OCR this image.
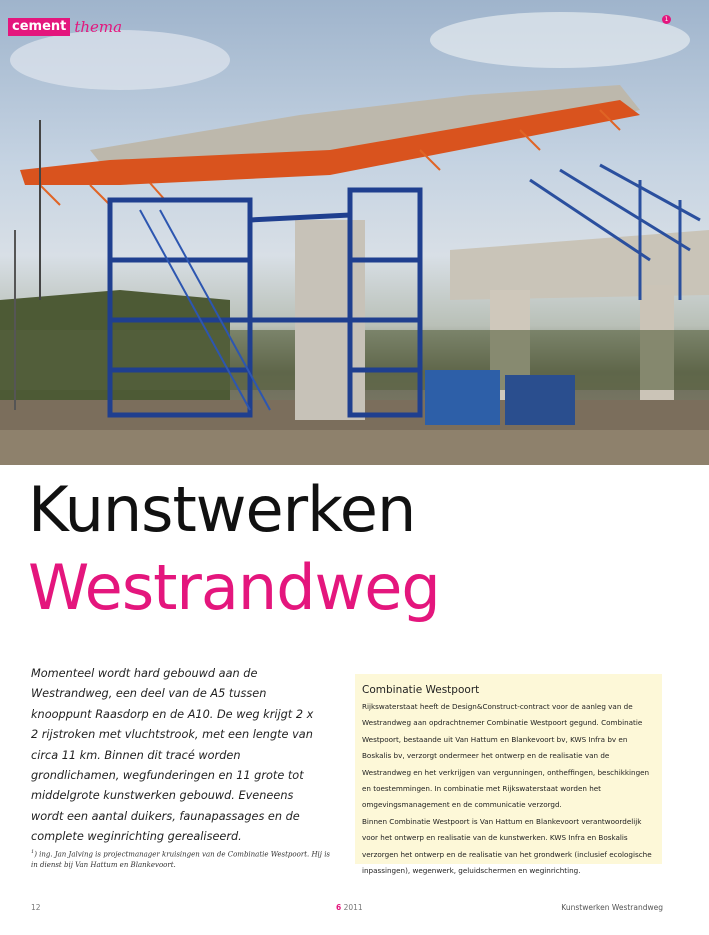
cement thema	1
Kunstwerken
Westrandweg

Momenteel wordt hard gebouwd aan de Westrandweg, een deel van de A5 tussen knooppunt Raasdorp en de A10. De weg krijgt 2 x 2 rijstroken met vluchtstrook, met een lengte van circa 11 km. Binnen dit tracé worden grondlichamen, wegfunderingen en 11 grote tot middelgrote kunstwerken gebouwd. Eveneens wordt een aantal duikers, faunapassages en de complete weginrichting gerealiseerd.

$^1$) ing. Jan Jalving is projectmanager kruisingen van de Combinatie Westpoort. Hij is in dienst bij Van Hattum en Blankevoort.

Combinatie Westpoort

Rijkswaterstaat heeft de Design&Construct-contract voor de aanleg van de Westrandweg aan opdrachtnemer Combinatie Westpoort gegund. Combinatie Westpoort, bestaande uit Van Hattum en Blankevoort bv, KWS Infra bv en Boskalis bv, verzorgt ondermeer het ontwerp en de realisatie van de Westrandweg en het verkrijgen van vergunningen, ontheffingen, beschikkingen en toestemmingen. In combinatie met Rijkswaterstaat worden het omgevingsmanagement en de communicatie verzorgd.

Binnen Combinatie Westpoort is Van Hattum en Blankevoort verantwoordelijk voor het ontwerp en realisatie van de kunstwerken. KWS Infra en Boskalis verzorgen het ontwerp en de realisatie van het grondwerk (inclusief ecologische inpassingen), wegenwerk, geluidschermen en weginrichting.

12	6 2011	Kunstwerken Westrandweg
